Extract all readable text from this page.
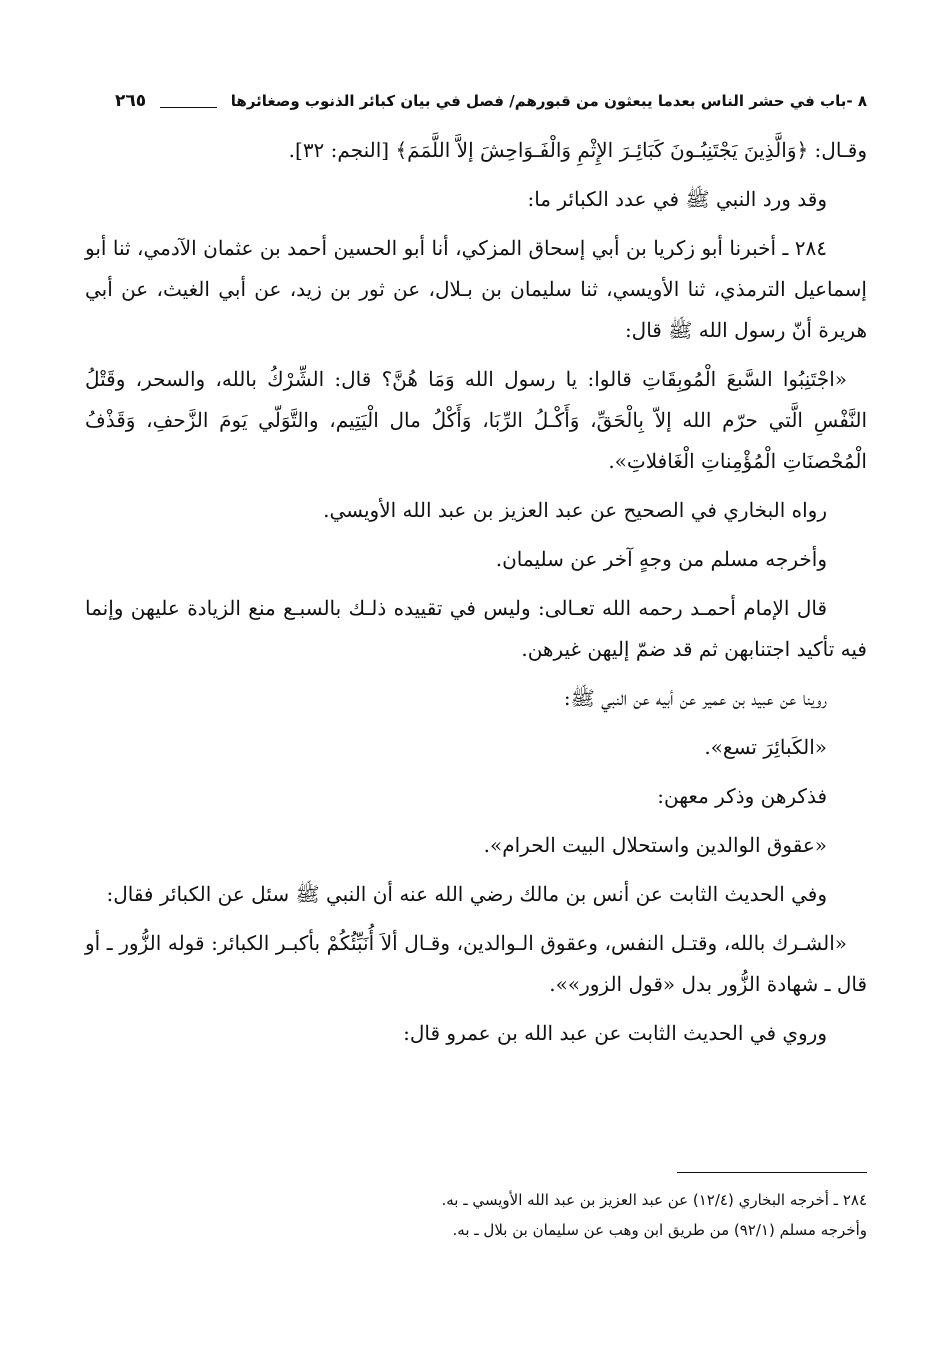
٨ -باب في حشر الناس بعدما يبعثون من قبورهم/ فصل في بيان كبائر الذنوب وصغائرها
٢٦٥

وقـال: ﴿وَالَّذِينَ يَجْتَنِبُـونَ كَبَائِـرَ الإِثْمِ وَالْفَـوَاحِشَ إلاَّ اللَّمَمَ﴾ [النجم: ٣٢].

وقد ورد النبي ﷺ في عدد الكبائر ما:

٢٨٤ ـ أخبرنا أبو زكريا بن أبي إسحاق المزكي، أنا أبو الحسين أحمد بن عثمان الآدمي، ثنا أبو إسماعيل الترمذي، ثنا الأويسي، ثنا سليمان بن بـلال، عن ثور بن زيد، عن أبي الغيث، عن أبي هريرة أنّ رسول الله ﷺ قال:

«اجْتَنِبُوا السَّبعَ الْمُوبِقَاتِ قالوا: يا رسول الله وَمَا هُنَّ؟ قال: الشِّرْكُ بالله، والسحر، وقَتْلُ النَّفْسِ الَّتي حرّم الله إلاّ بِالْحَقِّ، وَأَكْـلُ الرِّبَا، وَأَكْلُ مال الْيَتِيم، والتَّوَلّي يَومَ الزَّحفِ، وَقَذْفُ الْمُحْصنَاتِ الْمُؤْمِناتِ الْغَافلاتِ».

رواه البخاري في الصحيح عن عبد العزيز بن عبد الله الأويسي.

وأخرجه مسلم من وجهٍ آخر عن سليمان.

قال الإمام أحمـد رحمه الله تعـالى: وليس في تقييده ذلـك بالسبـع منع الزيادة عليهن وإنما فيه تأكيد اجتنابهن ثم قد ضمّ إليهن غيرهن.

روينا عن عبيد بن عمير عن أبيه عن النبي ﷺ:

«الكَبائِرَ تسع».

فذكرهن وذكر معهن:

«عقوق الوالدين واستحلال البيت الحرام».

وفي الحديث الثابت عن أنس بن مالك رضي الله عنه أن النبي ﷺ سئل عن الكبائر فقال:

«الشـرك بالله، وقتـل النفس، وعقوق الـوالدين، وقـال ألاَ أُنَبِّئُكُمْ بأكبـر الكبائر: قوله الزُّور ـ أو قال ـ شهادة الزُّور بدل «قول الزور»».

وروي في الحديث الثابت عن عبد الله بن عمرو قال:

٢٨٤ ـ أخرجه البخاري (١٢/٤) عن عبد العزيز بن عبد الله الأويسي ـ به.

وأخرجه مسلم (٩٢/١) من طريق ابن وهب عن سليمان بن بلال ـ به.
